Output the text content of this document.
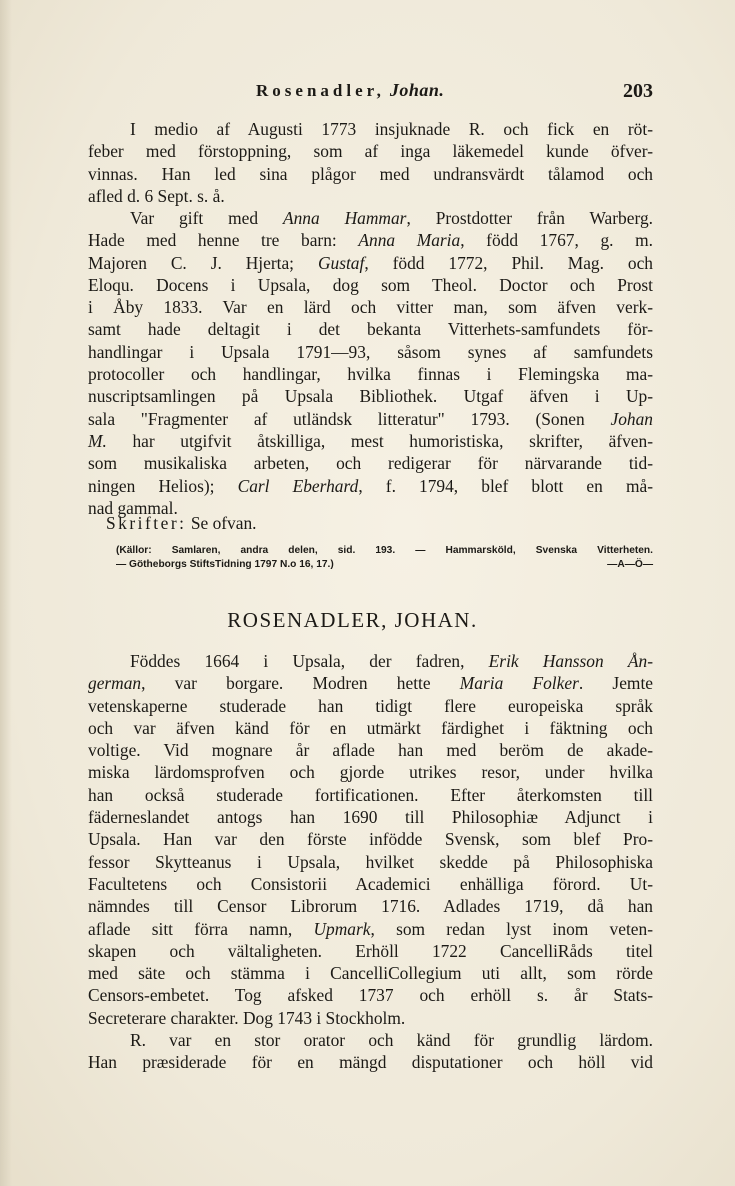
Rosenadler, Johan.	203
I medio af Augusti 1773 insjuknade R. och fick en röt-
feber med förstoppning, som af inga läkemedel kunde öfver-
vinnas. Han led sina plågor med undransvärdt tålamod och
afled d. 6 Sept. s. å.
Var gift med Anna Hammar, Prostdotter från Warberg.
Hade med henne tre barn: Anna Maria, född 1767, g. m.
Majoren C. J. Hjerta; Gustaf, född 1772, Phil. Mag. och
Eloqu. Docens i Upsala, dog som Theol. Doctor och Prost
i Åby 1833. Var en lärd och vitter man, som äfven verk-
samt hade deltagit i det bekanta Vitterhets-samfundets för-
handlingar i Upsala 1791—93, såsom synes af samfundets
protocoller och handlingar, hvilka finnas i Flemingska ma-
nuscriptsamlingen på Upsala Bibliothek. Utgaf äfven i Up-
sala "Fragmenter af utländsk litteratur" 1793. (Sonen Johan
M. har utgifvit åtskilliga, mest humoristiska, skrifter, äfven-
som musikaliska arbeten, och redigerar för närvarande tid-
ningen Helios); Carl Eberhard, f. 1794, blef blott en må-
nad gammal.
Skrifter: Se ofvan.
(Källor: Samlaren, andra delen, sid. 193. — Hammarsköld, Svenska Vitterheten.
— Götheborgs StiftsTidning 1797 N.o 16, 17.)	—A—Ö—
ROSENADLER, JOHAN.
Föddes 1664 i Upsala, der fadren, Erik Hansson Ån-
german, var borgare. Modren hette Maria Folker. Jemte
vetenskaperne studerade han tidigt flere europeiska språk
och var äfven känd för en utmärkt färdighet i fäktning och
voltige. Vid mognare år aflade han med beröm de akade-
miska lärdomsprofven och gjorde utrikes resor, under hvilka
han också studerade fortificationen. Efter återkomsten till
fäderneslandet antogs han 1690 till Philosophiæ Adjunct i
Upsala. Han var den förste infödde Svensk, som blef Pro-
fessor Skytteanus i Upsala, hvilket skedde på Philosophiska
Facultetens och Consistorii Academici enhälliga förord. Ut-
nämndes till Censor Librorum 1716. Adlades 1719, då han
aflade sitt förra namn, Upmark, som redan lyst inom veten-
skapen och vältaligheten. Erhöll 1722 CancelliRåds titel
med säte och stämma i CancelliCollegium uti allt, som rörde
Censors-embetet. Tog afsked 1737 och erhöll s. år Stats-
Secreterare charakter. Dog 1743 i Stockholm.
R. var en stor orator och känd för grundlig lärdom.
Han præsiderade för en mängd disputationer och höll vid
